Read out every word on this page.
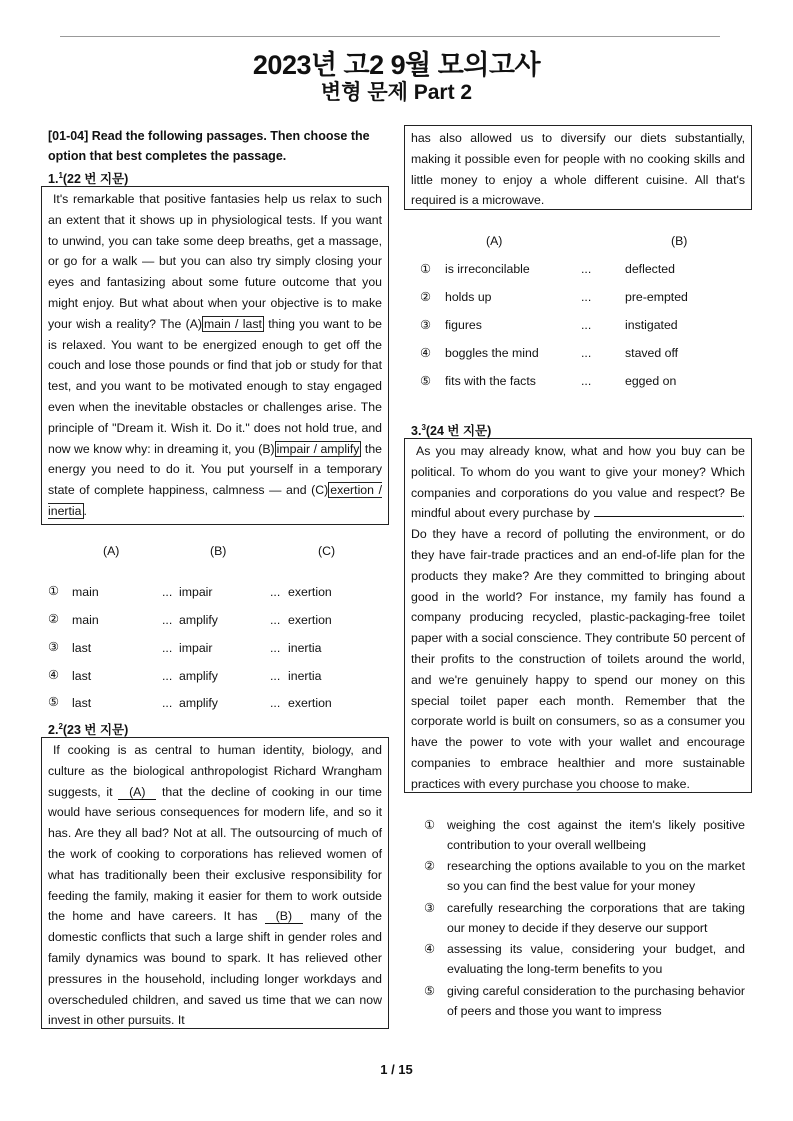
2023년 고2 9월 모의고사
변형 문제 Part 2
[01-04] Read the following passages. Then choose the option that best completes the passage.
1.$^1$(22 번 지문)

It's remarkable that positive fantasies help us relax to such an extent that it shows up in physiological tests. If you want to unwind, you can take some deep breaths, get a massage, or go for a walk — but you can also try simply closing your eyes and fantasizing about some future outcome that you might enjoy. But what about when your objective is to make your wish a reality? The (A) main / last thing you want to be is relaxed. You want to be energized enough to get off the couch and lose those pounds or find that job or study for that test, and you want to be motivated enough to stay engaged even when the inevitable obstacles or challenges arise. The principle of "Dream it. Wish it. Do it." does not hold true, and now we know why: in dreaming it, you (B) impair / amplify the energy you need to do it. You put yourself in a temporary state of complete happiness, calmness — and (C) exertion / inertia .

(A)	(B)	(C)
① main	... impair	... exertion
② main	... amplify	... exertion
③ last	... impair	... inertia
④ last	... amplify	... inertia
⑤ last	... amplify	... exertion
2.$^2$(23 번 지문)

If cooking is as central to human identity, biology, and culture as the biological anthropologist Richard Wrangham suggests, it (A) that the decline of cooking in our time would have serious consequences for modern life, and so it has. Are they all bad? Not at all. The outsourcing of much of the work of cooking to corporations has relieved women of what has traditionally been their exclusive responsibility for feeding the family, making it easier for them to work outside the home and have careers. It has (B) many of the domestic conflicts that such a large shift in gender roles and family dynamics was bound to spark. It has relieved other pressures in the household, including longer workdays and overscheduled children, and saved us time that we can now invest in other pursuits. It

has also allowed us to diversify our diets substantially, making it possible even for people with no cooking skills and little money to enjoy a whole different cuisine. All that's required is a microwave.

(A)	(B)
① is irreconcilable	...	deflected
② holds up	...	pre-empted
③ figures	...	instigated
④ boggles the mind	...	staved off
⑤ fits with the facts	...	egged on
3.$^3$(24 번 지문)

As you may already know, what and how you buy can be political. To whom do you want to give your money? Which companies and corporations do you value and respect? Be mindful about every purchase by	. Do they have a record of polluting the environment, or do they have fair-trade practices and an end-of-life plan for the products they make? Are they committed to bringing about good in the world? For instance, my family has found a company producing recycled, plastic-packaging-free toilet paper with a social conscience. They contribute 50 percent of their profits to the construction of toilets around the world, and we're genuinely happy to spend our money on this special toilet paper each month. Remember that the corporate world is built on consumers, so as a consumer you have the power to vote with your wallet and encourage companies to embrace healthier and more sustainable practices with every purchase you choose to make.

① weighing the cost against the item's likely positive contribution to your overall wellbeing
② researching the options available to you on the market so you can find the best value for your money
③ carefully researching the corporations that are taking our money to decide if they deserve our support
④ assessing its value, considering your budget, and evaluating the long-term benefits to you
⑤ giving careful consideration to the purchasing behavior of peers and those you want to impress
1 / 15
